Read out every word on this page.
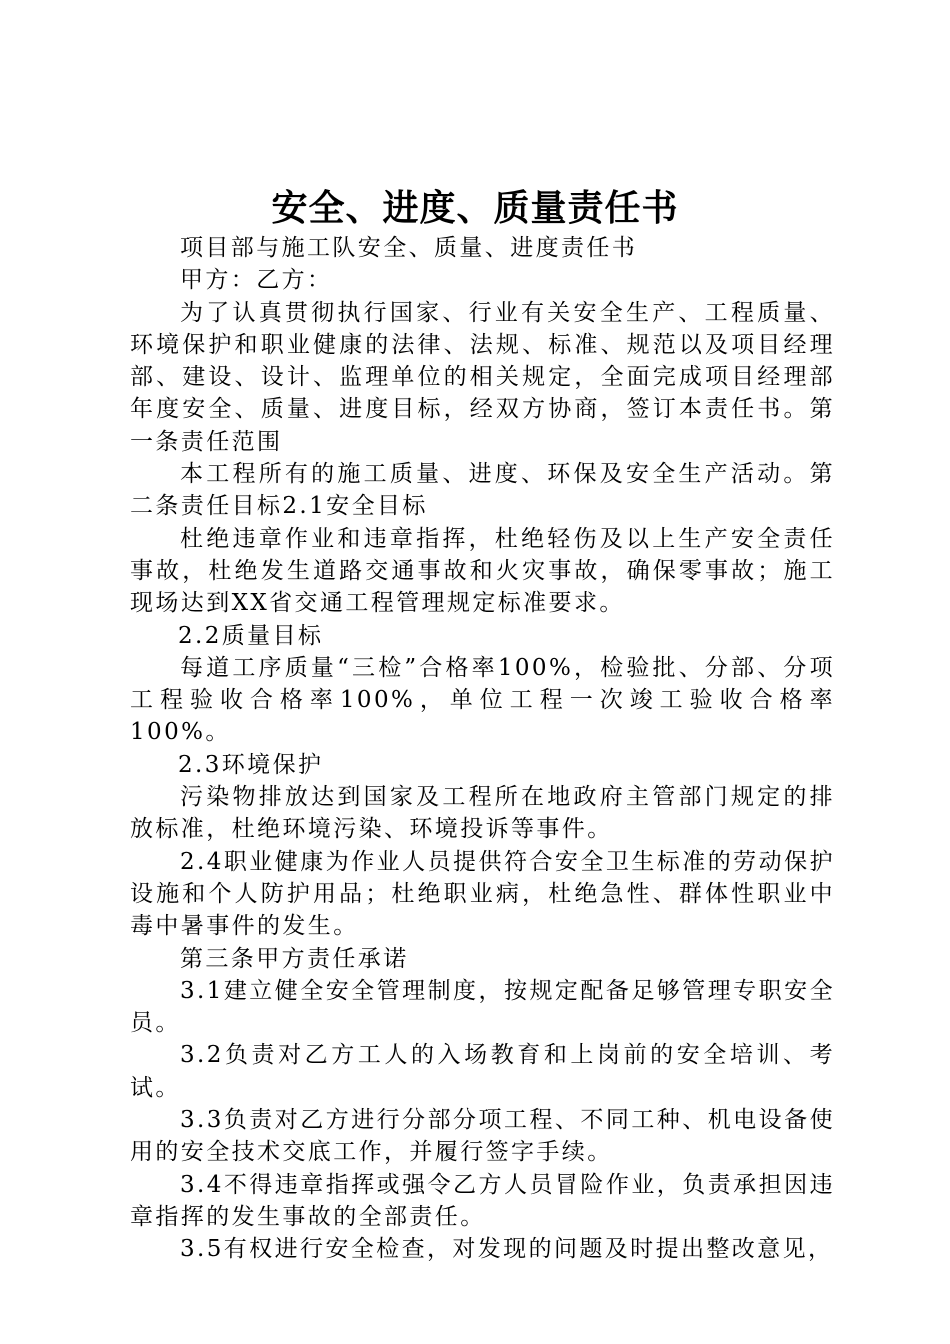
安全、进度、质量责任书

项目部与施工队安全、质量、进度责任书

甲方：乙方：

为了认真贯彻执行国家、行业有关安全生产、工程质量、环境保护和职业健康的法律、法规、标准、规范以及项目经理部、建设、设计、监理单位的相关规定，全面完成项目经理部年度安全、质量、进度目标，经双方协商，签订本责任书。第一条责任范围

本工程所有的施工质量、进度、环保及安全生产活动。第二条责任目标2.1安全目标

杜绝违章作业和违章指挥，杜绝轻伤及以上生产安全责任事故，杜绝发生道路交通事故和火灾事故，确保零事故；施工现场达到XX省交通工程管理规定标准要求。

2.2质量目标

每道工序质量“三检”合格率100%，检验批、分部、分项工程验收合格率100%，单位工程一次竣工验收合格率100%。

2.3环境保护

污染物排放达到国家及工程所在地政府主管部门规定的排放标准，杜绝环境污染、环境投诉等事件。

2.4职业健康为作业人员提供符合安全卫生标准的劳动保护设施和个人防护用品；杜绝职业病，杜绝急性、群体性职业中毒中暑事件的发生。

第三条甲方责任承诺

3.1建立健全安全管理制度，按规定配备足够管理专职安全员。

3.2负责对乙方工人的入场教育和上岗前的安全培训、考试。

3.3负责对乙方进行分部分项工程、不同工种、机电设备使用的安全技术交底工作，并履行签字手续。

3.4不得违章指挥或强令乙方人员冒险作业，负责承担因违章指挥的发生事故的全部责任。

3.5有权进行安全检查，对发现的问题及时提出整改意见，
